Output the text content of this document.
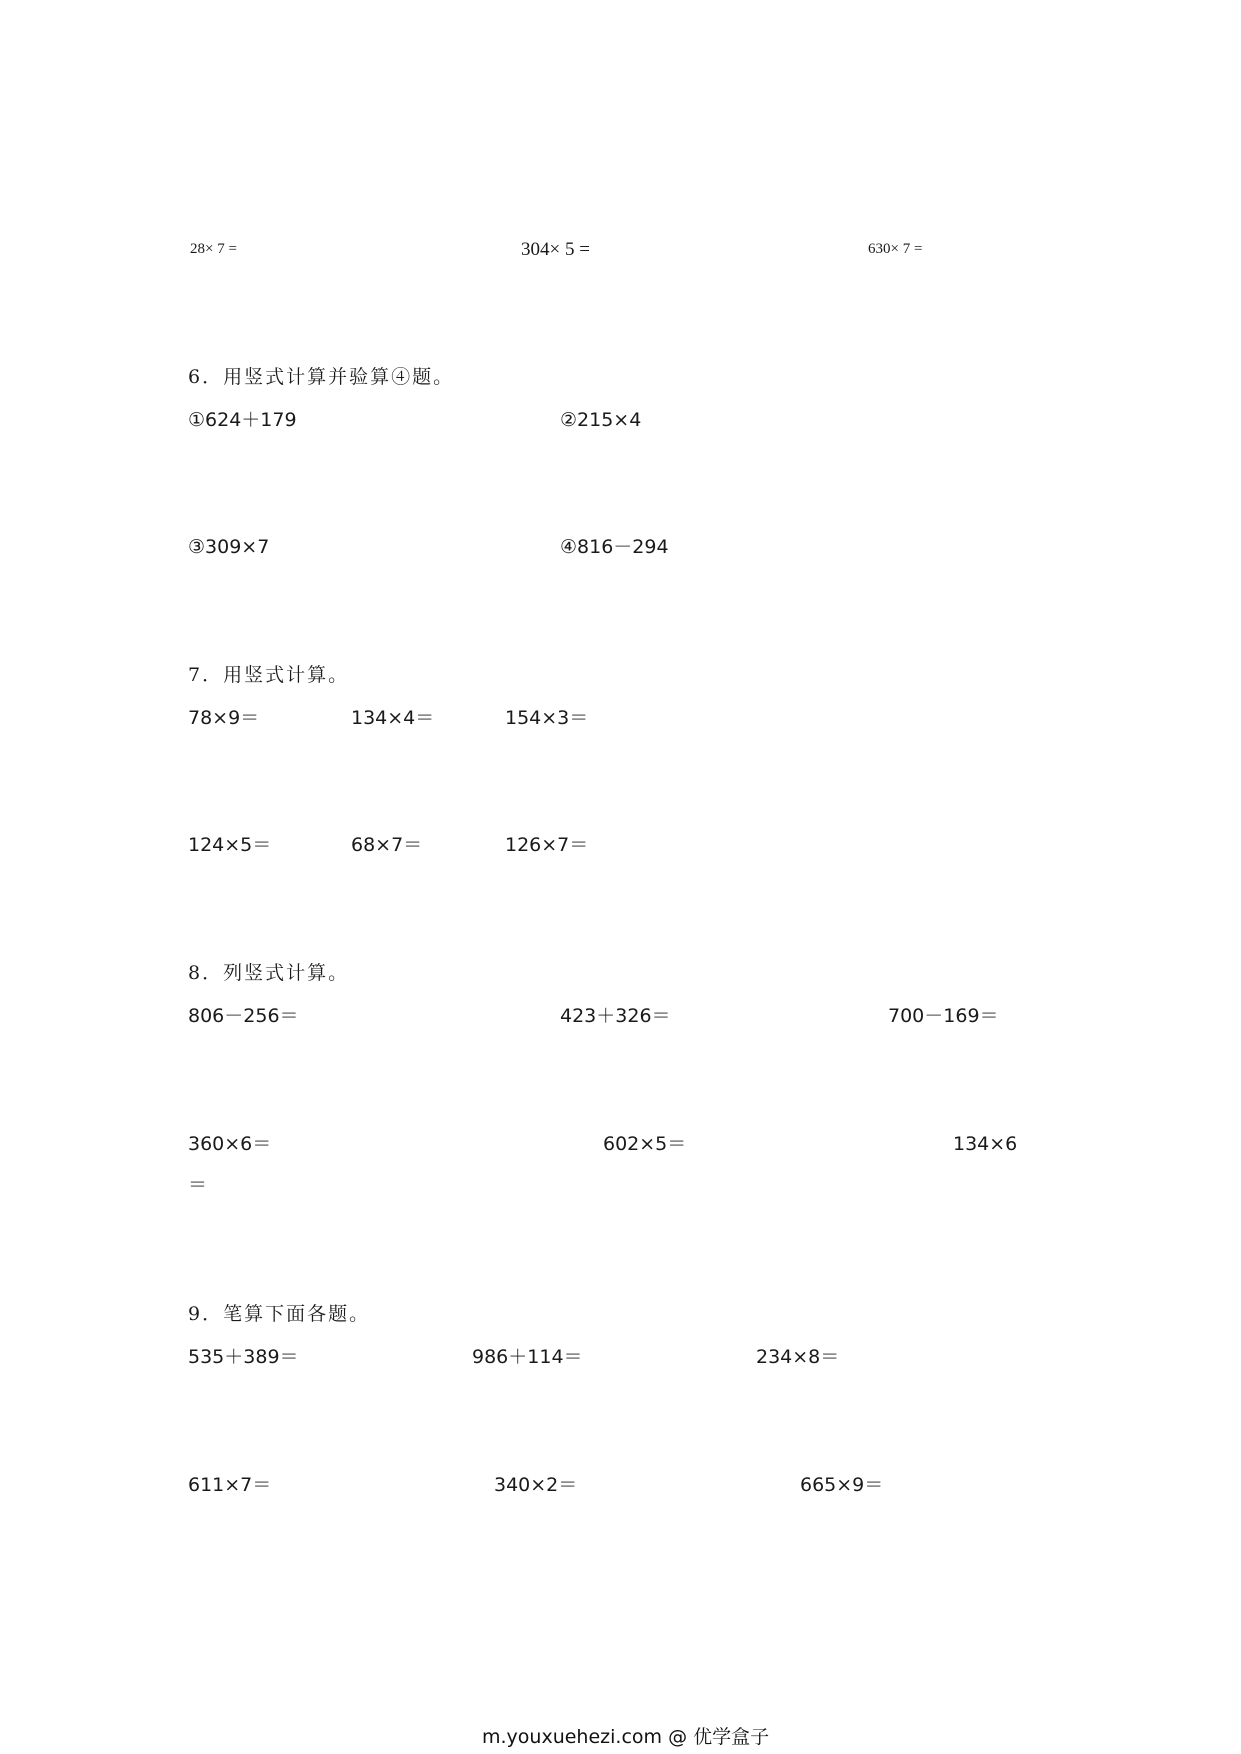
28× 7 =	304× 5 =	630× 7 =
6．用竖式计算并验算④题。
①624＋179	②215×4
③309×7	④816－294
7．用竖式计算。
78×9＝	134×4＝	154×3＝
124×5＝	68×7＝	126×7＝
8．列竖式计算。
806－256＝	423＋326＝	700－169＝
360×6＝	602×5＝	134×6
＝
9．笔算下面各题。
535＋389＝	986＋114＝	234×8＝
611×7＝	340×2＝	665×9＝
m.youxuehezi.com @ 优学盒子
